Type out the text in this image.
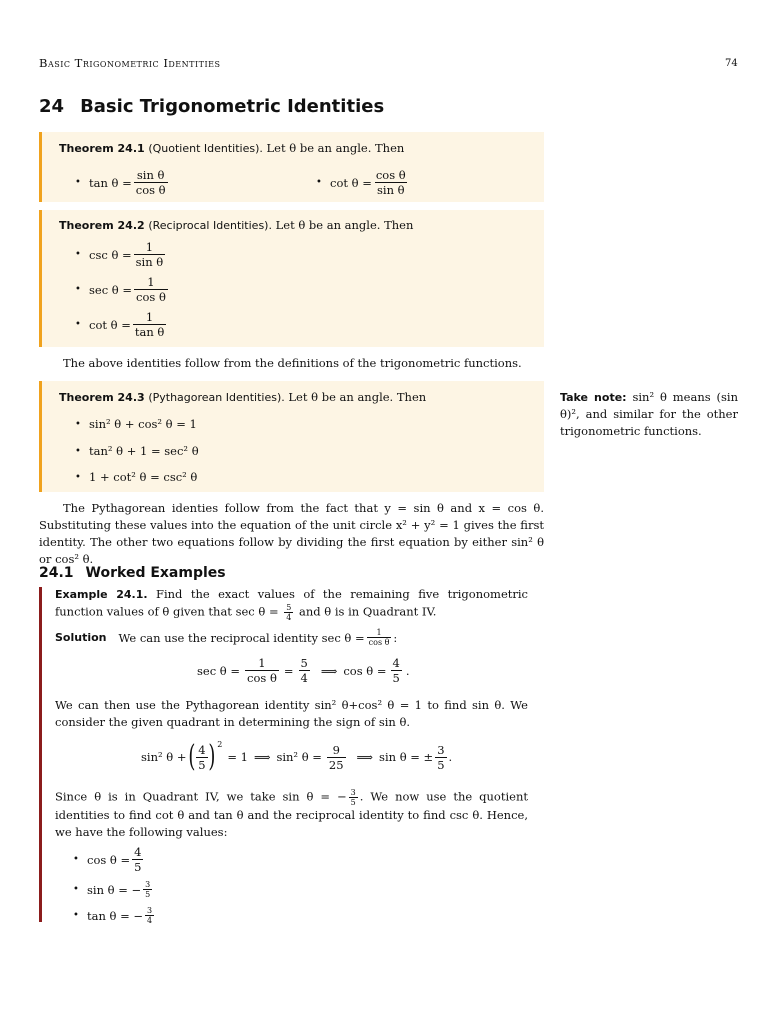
Basic Trigonometric Identities	74
24 Basic Trigonometric Identities
Theorem 24.1 (Quotient Identities). Let θ be an angle. Then
• $\tan \theta = \frac{\text{sin θ}}{\text{cos θ}}$	• $\cot \theta = \frac{\text{cos θ}}{\text{sin θ}}$
Theorem 24.2 (Reciprocal Identities). Let θ be an angle. Then
• $\csc \theta = \frac{1}{\text{sin θ}}$
• $\sec \theta = \frac{1}{\text{cos θ}}$
• $\cot \theta = \frac{1}{\text{tan θ}}$
The above identities follow from the definitions of the trigonometric functions.
Theorem 24.3 (Pythagorean Identities). Let θ be an angle. Then
• sin² θ + cos² θ = 1
• tan² θ + 1 = sec² θ
• 1 + cot² θ = csc² θ
Take note: sin² θ means (sin θ)², and similar for the other trigonometric functions.
The Pythagorean identies follow from the fact that y = sin θ and x = cos θ. Substituting these values into the equation of the unit circle x² + y² = 1 gives the first identity. The other two equations follow by dividing the first equation by either sin² θ or cos² θ.
24.1 Worked Examples
Example 24.1. Find the exact values of the remaining five trigonometric function values of θ given that $\sec \theta = \frac{5}{4}$ and θ is in Quadrant IV.
Solution We can use the reciprocal identity $\sec \theta = \frac{1}{\text{cos θ}}$ :
$\sec \theta = \frac{1}{\text{cos θ}} = \frac{5}{4}$ ⟹ $\cos \theta = \frac{4}{5}$ .
We can then use the Pythagorean identity sin² θ+cos² θ = 1 to find sin θ. We consider the given quadrant in determining the sign of sin θ.
sin² θ + ( $\frac{4}{5}$ ) 2
= 1 ⟹ sin² $\theta = \frac{9}{25}$ ⟹ sin θ = ± $\frac{3}{5}$ .
Since θ is in Quadrant IV, we take sin θ = − $\frac{3}{5}$ . We now use the quotient identities to find cot θ and tan θ and the reciprocal identity to find csc θ. Hence, we have the following values:
• $\cos \theta = \frac{4}{5}$
• sin θ = − $\frac{3}{5}$
• tan θ = − $\frac{3}{4}$
